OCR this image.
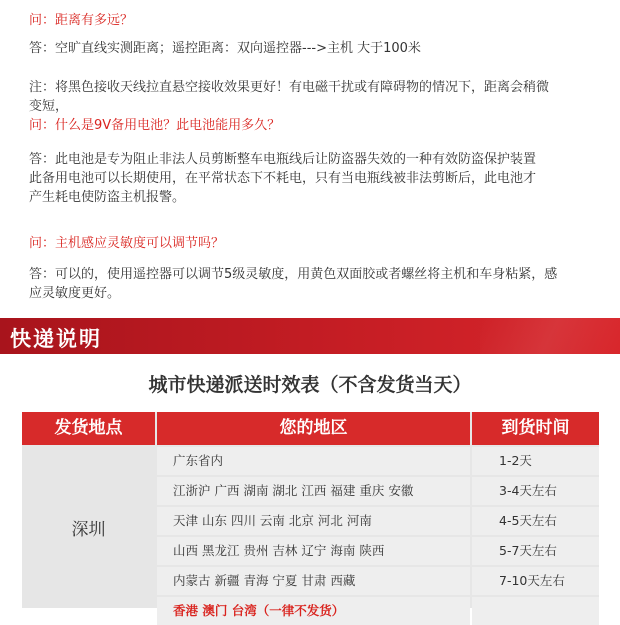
问：距离有多远？
答：空旷直线实测距离；遥控距离：双向遥控器--->主机 大于100米
注：将黑色接收天线拉直悬空接收效果更好！有电磁干扰或有障碍物的情况下，距离会稍微
变短，
问：什么是9V备用电池？此电池能用多久？
答：此电池是专为阻止非法人员剪断整车电瓶线后让防盗器失效的一种有效防盗保护装置
此备用电池可以长期使用，在平常状态下不耗电，只有当电瓶线被非法剪断后，此电池才
产生耗电使防盗主机报警。
问：主机感应灵敏度可以调节吗？
答：可以的，使用遥控器可以调节5级灵敏度，用黄色双面胶或者螺丝将主机和车身粘紧，感
应灵敏度更好。
快递说明
城市快递派送时效表（不含发货当天）
发货地点	您的地区	到货时间
深圳
广东省内	1-2天
江浙沪 广西 湖南 湖北 江西 福建 重庆 安徽	3-4天左右
天津 山东 四川 云南 北京 河北 河南	4-5天左右
山西 黑龙江 贵州 吉林 辽宁 海南 陕西	5-7天左右
内蒙古 新疆 青海 宁夏 甘肃 西藏	7-10天左右
香港 澳门 台湾（一律不发货）
